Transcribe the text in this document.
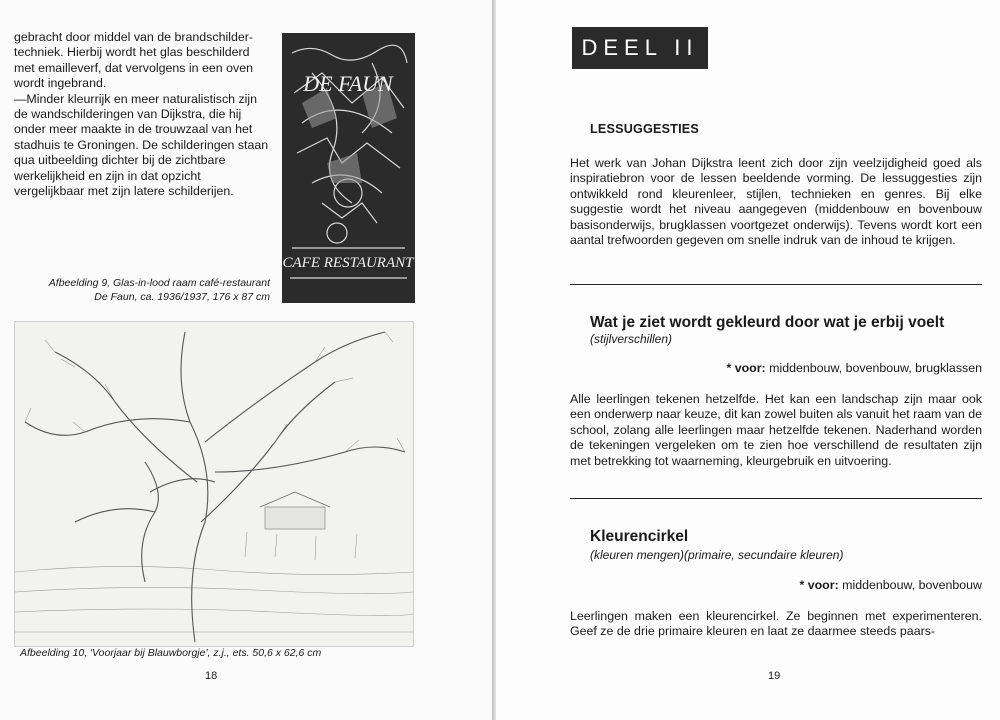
gebracht door middel van de brandschilder-techniek. Hierbij wordt het glas beschilderd met emailleverf, dat vervolgens in een oven wordt ingebrand.

— Minder kleurrijk en meer naturalistisch zijn de wandschilderingen van Dijkstra, die hij onder meer maakte in de trouwzaal van het stadhuis te Groningen. De schilderingen staan qua uitbeelding dichter bij de zichtbare werkelijkheid en zijn in dat opzicht vergelijkbaar met zijn latere schilderijen.

DE FAUN
CAFE RESTAURANT
Afbeelding 9, Glas-in-lood raam café-restaurant
De Faun, ca. 1936/1937, 176 x 87 cm
Afbeelding 10, 'Voorjaar bij Blauwborgje', z.j., ets. 50,6 x 62,6 cm
18
DEEL II
LESSUGGESTIES

Het werk van Johan Dijkstra leent zich door zijn veelzijdigheid goed als inspiratiebron voor de lessen beeldende vorming. De lessuggesties zijn ontwikkeld rond kleurenleer, stijlen, technieken en genres. Bij elke suggestie wordt het niveau aangegeven (middenbouw en bovenbouw basisonderwijs, brugklassen voortgezet onderwijs). Tevens wordt kort een aantal trefwoorden gegeven om snelle indruk van de inhoud te krijgen.

Wat je ziet wordt gekleurd door wat je erbij voelt
(stijlverschillen)
* voor: middenbouw, bovenbouw, brugklassen

Alle leerlingen tekenen hetzelfde. Het kan een landschap zijn maar ook een onderwerp naar keuze, dit kan zowel buiten als vanuit het raam van de school, zolang alle leerlingen maar hetzelfde tekenen. Naderhand worden de tekeningen vergeleken om te zien hoe verschillend de resultaten zijn met betrekking tot waarneming, kleurgebruik en uitvoering.

Kleurencirkel
(kleuren mengen)(primaire, secundaire kleuren)
* voor: middenbouw, bovenbouw

Leerlingen maken een kleurencirkel. Ze beginnen met experimenteren. Geef ze de drie primaire kleuren en laat ze daarmee steeds paars-

19
